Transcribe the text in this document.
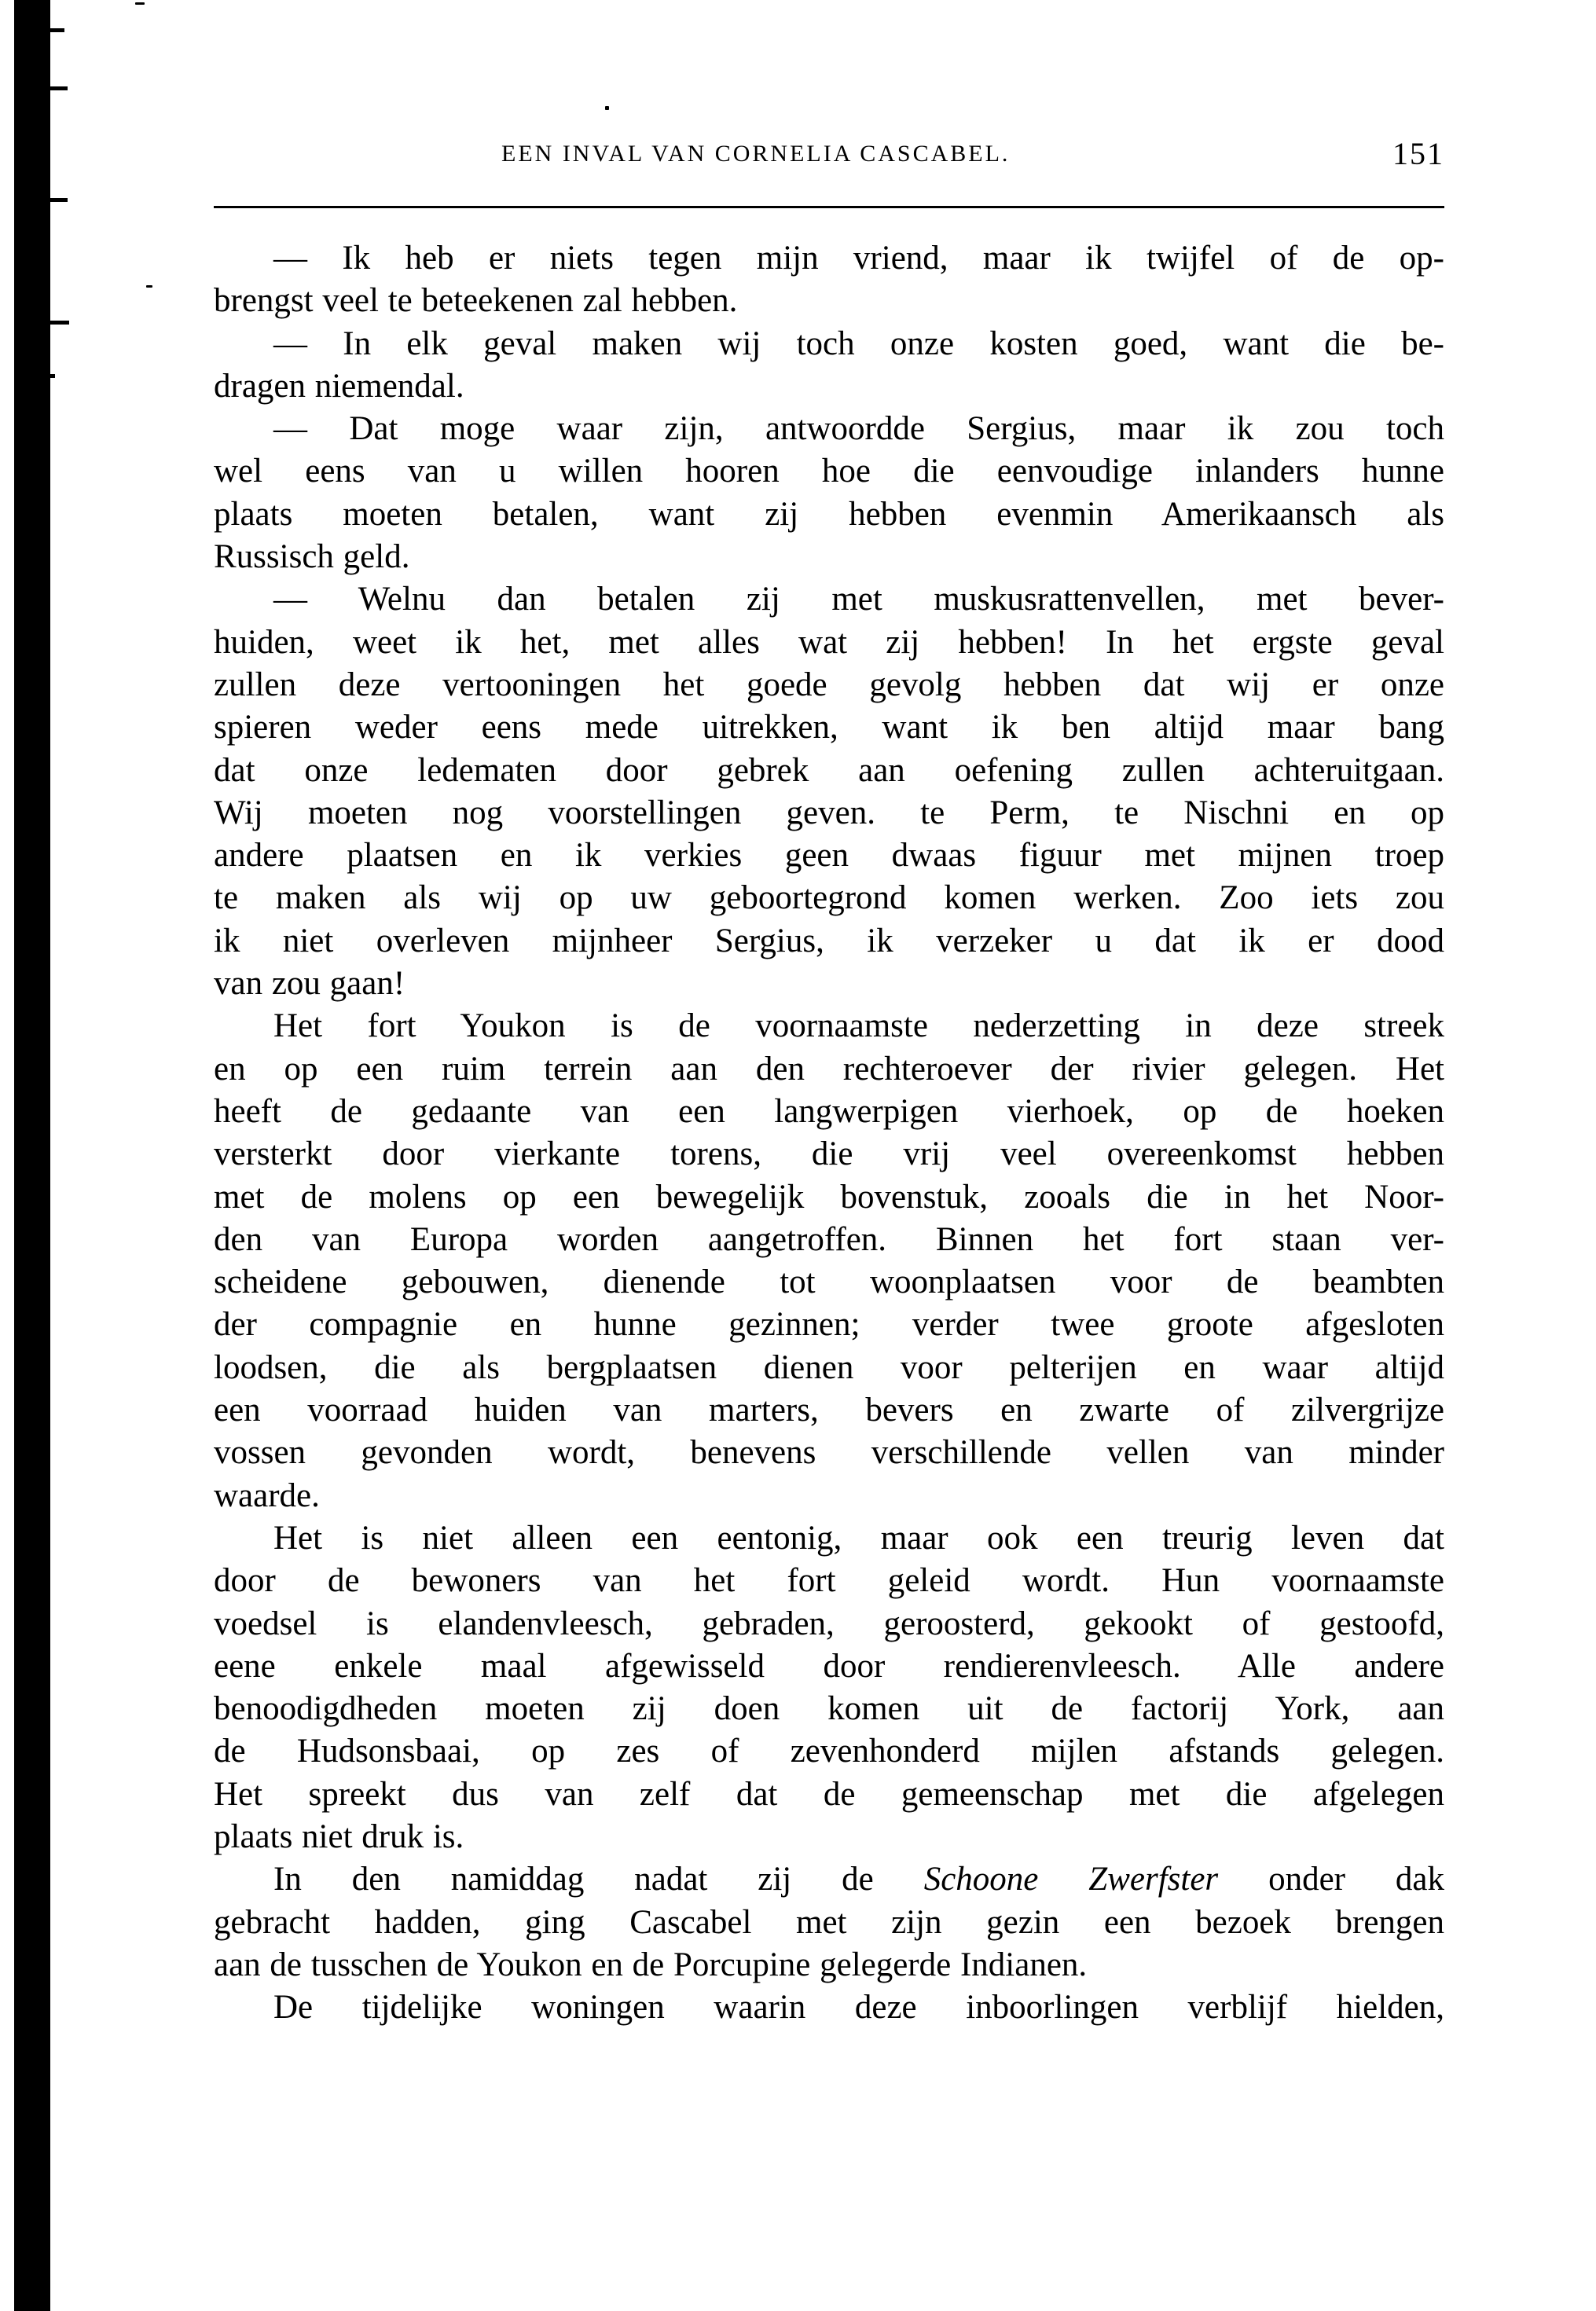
EEN INVAL VAN CORNELIA CASCABEL.	151
— Ik heb er niets tegen mijn vriend, maar ik twijfel of de op-
brengst veel te beteekenen zal hebben.
— In elk geval maken wij toch onze kosten goed, want die be-
dragen niemendal.
— Dat moge waar zijn, antwoordde Sergius, maar ik zou toch
wel eens van u willen hooren hoe die eenvoudige inlanders hunne
plaats moeten betalen, want zij hebben evenmin Amerikaansch als
Russisch geld.
— Welnu dan betalen zij met muskusrattenvellen, met bever-
huiden, weet ik het, met alles wat zij hebben! In het ergste geval
zullen deze vertooningen het goede gevolg hebben dat wij er onze
spieren weder eens mede uitrekken, want ik ben altijd maar bang
dat onze ledematen door gebrek aan oefening zullen achteruitgaan.
Wij moeten nog voorstellingen geven. te Perm, te Nischni en op
andere plaatsen en ik verkies geen dwaas figuur met mijnen troep
te maken als wij op uw geboortegrond komen werken. Zoo iets zou
ik niet overleven mijnheer Sergius, ik verzeker u dat ik er dood
van zou gaan!
Het fort Youkon is de voornaamste nederzetting in deze streek
en op een ruim terrein aan den rechteroever der rivier gelegen. Het
heeft de gedaante van een langwerpigen vierhoek, op de hoeken
versterkt door vierkante torens, die vrij veel overeenkomst hebben
met de molens op een bewegelijk bovenstuk, zooals die in het Noor-
den van Europa worden aangetroffen. Binnen het fort staan ver-
scheidene gebouwen, dienende tot woonplaatsen voor de beambten
der compagnie en hunne gezinnen; verder twee groote afgesloten
loodsen, die als bergplaatsen dienen voor pelterijen en waar altijd
een voorraad huiden van marters, bevers en zwarte of zilvergrijze
vossen gevonden wordt, benevens verschillende vellen van minder
waarde.
Het is niet alleen een eentonig, maar ook een treurig leven dat
door de bewoners van het fort geleid wordt. Hun voornaamste
voedsel is elandenvleesch, gebraden, geroosterd, gekookt of gestoofd,
eene enkele maal afgewisseld door rendierenvleesch. Alle andere
benoodigdheden moeten zij doen komen uit de factorij York, aan
de Hudsonsbaai, op zes of zevenhonderd mijlen afstands gelegen.
Het spreekt dus van zelf dat de gemeenschap met die afgelegen
plaats niet druk is.
In den namiddag nadat zij de Schoone Zwerfster onder dak
gebracht hadden, ging Cascabel met zijn gezin een bezoek brengen
aan de tusschen de Youkon en de Porcupine gelegerde Indianen.
De tijdelijke woningen waarin deze inboorlingen verblijf hielden,
